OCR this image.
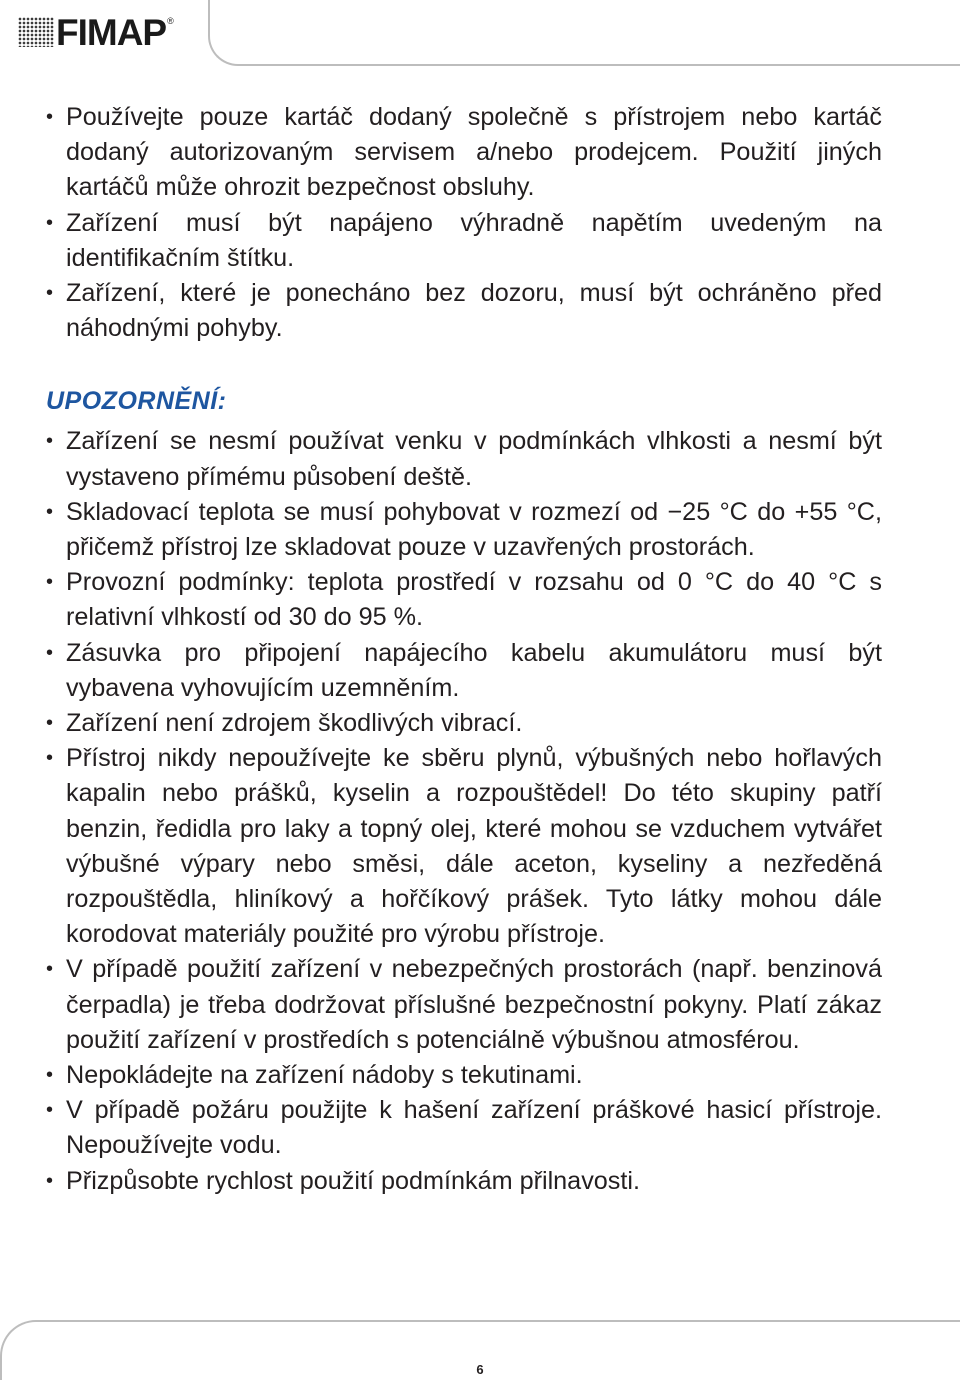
FIMAP ®
• Používejte pouze kartáč dodaný společně s přístrojem nebo kartáč dodaný autorizovaným servisem a/nebo prodejcem. Použití jiných kartáčů může ohrozit bezpečnost obsluhy.
• Zařízení musí být napájeno výhradně napětím uvedeným na identifikačním štítku.
• Zařízení, které je ponecháno bez dozoru, musí být ochráněno před náhodnými pohyby.
UPOZORNĚNÍ:
• Zařízení se nesmí používat venku v podmínkách vlhkosti a nesmí být vystaveno přímému působení deště.
• Skladovací teplota se musí pohybovat v rozmezí od −25 °C do +55 °C, přičemž přístroj lze skladovat pouze v uzavřených prostorách.
• Provozní podmínky: teplota prostředí v rozsahu od 0 °C do 40 °C s relativní vlhkostí od 30 do 95 %.
• Zásuvka pro připojení napájecího kabelu akumulátoru musí být vybavena vyhovujícím uzemněním.
• Zařízení není zdrojem škodlivých vibrací.
• Přístroj nikdy nepoužívejte ke sběru plynů, výbušných nebo hořlavých kapalin nebo prášků, kyselin a rozpouštědel! Do této skupiny patří benzin, ředidla pro laky a topný olej, které mohou se vzduchem vytvářet výbušné výpary nebo směsi, dále aceton, kyseliny a nezředěná rozpouštědla, hliníkový a hořčíkový prášek. Tyto látky mohou dále korodovat materiály použité pro výrobu přístroje.
• V případě použití zařízení v nebezpečných prostorách (např. benzinová čerpadla) je třeba dodržovat příslušné bezpečnostní pokyny. Platí zákaz použití zařízení v prostředích s potenciálně výbušnou atmosférou.
• Nepokládejte na zařízení nádoby s tekutinami.
• V případě požáru použijte k hašení zařízení práškové hasicí přístroje. Nepoužívejte vodu.
• Přizpůsobte rychlost použití podmínkám přilnavosti.
6
